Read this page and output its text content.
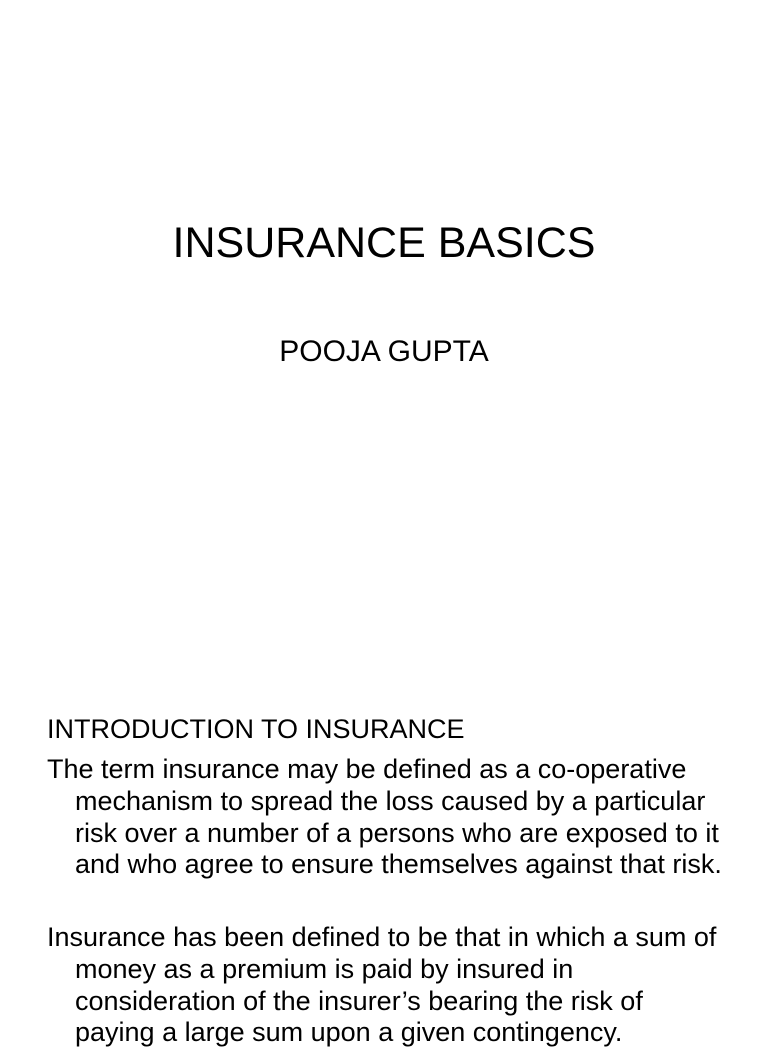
INSURANCE BASICS
POOJA GUPTA
INTRODUCTION TO INSURANCE

The term insurance may be defined as a co-operative mechanism to spread the loss caused by a particular risk over a number of a persons who are exposed to it and who agree to ensure themselves against that risk.

Insurance has been defined to be that in which a sum of money as a premium is paid by insured in consideration of the insurer’s bearing the risk of paying a large sum upon a given contingency.
